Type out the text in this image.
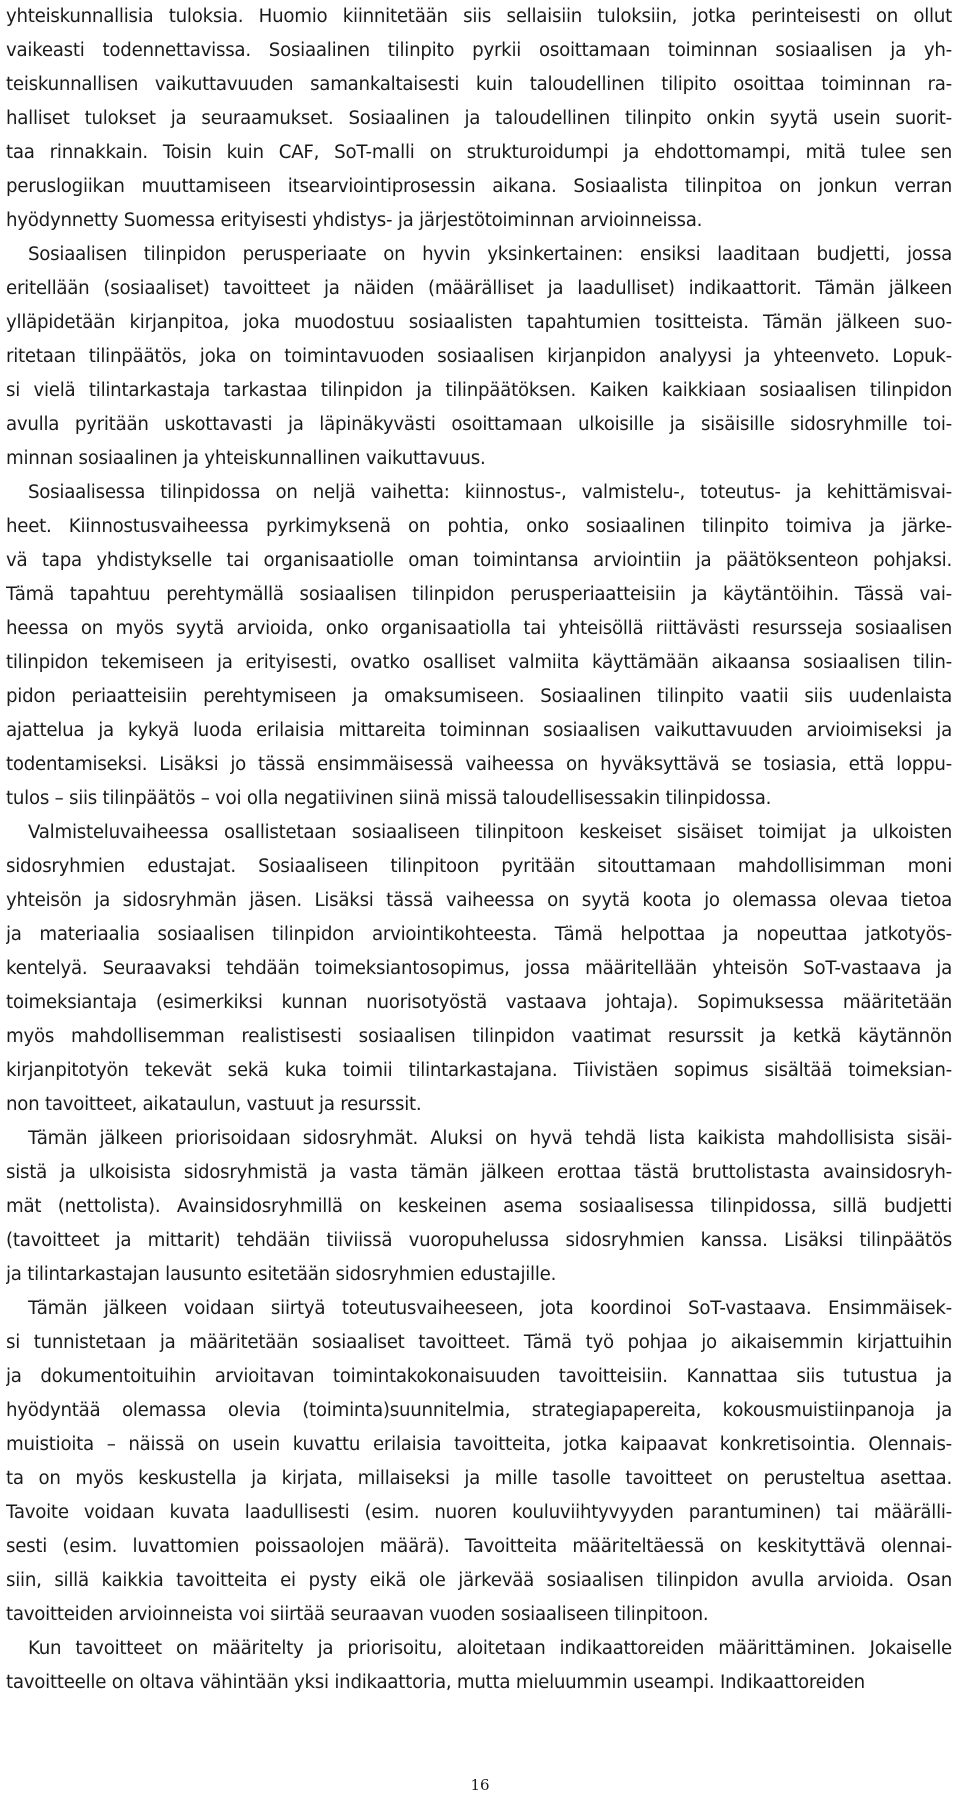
yhteiskunnallisia tuloksia. Huomio kiinnitetään siis sellaisiin tuloksiin, jotka perinteisesti on ollut
vaikeasti todennettavissa. Sosiaalinen tilinpito pyrkii osoittamaan toiminnan sosiaalisen ja yh-
teiskunnallisen vaikuttavuuden samankaltaisesti kuin taloudellinen tilipito osoittaa toiminnan ra-
halliset tulokset ja seuraamukset. Sosiaalinen ja taloudellinen tilinpito onkin syytä usein suorit-
taa rinnakkain. Toisin kuin CAF, SoT-malli on strukturoidumpi ja ehdottomampi, mitä tulee sen
peruslogiikan muuttamiseen itsearviointiprosessin aikana. Sosiaalista tilinpitoa on jonkun verran
hyödynnetty Suomessa erityisesti yhdistys- ja järjestötoiminnan arvioinneissa.
Sosiaalisen tilinpidon perusperiaate on hyvin yksinkertainen: ensiksi laaditaan budjetti, jossa
eritellään (sosiaaliset) tavoitteet ja näiden (määrälliset ja laadulliset) indikaattorit. Tämän jälkeen
ylläpidetään kirjanpitoa, joka muodostuu sosiaalisten tapahtumien tositteista. Tämän jälkeen suo-
ritetaan tilinpäätös, joka on toimintavuoden sosiaalisen kirjanpidon analyysi ja yhteenveto. Lopuk-
si vielä tilintarkastaja tarkastaa tilinpidon ja tilinpäätöksen. Kaiken kaikkiaan sosiaalisen tilinpidon
avulla pyritään uskottavasti ja läpinäkyvästi osoittamaan ulkoisille ja sisäisille sidosryhmille toi-
minnan sosiaalinen ja yhteiskunnallinen vaikuttavuus.
Sosiaalisessa tilinpidossa on neljä vaihetta: kiinnostus-, valmistelu-, toteutus- ja kehittämisvai-
heet. Kiinnostusvaiheessa pyrkimyksenä on pohtia, onko sosiaalinen tilinpito toimiva ja järke-
vä tapa yhdistykselle tai organisaatiolle oman toimintansa arviointiin ja päätöksenteon pohjaksi.
Tämä tapahtuu perehtymällä sosiaalisen tilinpidon perusperiaatteisiin ja käytäntöihin. Tässä vai-
heessa on myös syytä arvioida, onko organisaatiolla tai yhteisöllä riittävästi resursseja sosiaalisen
tilinpidon tekemiseen ja erityisesti, ovatko osalliset valmiita käyttämään aikaansa sosiaalisen tilin-
pidon periaatteisiin perehtymiseen ja omaksumiseen. Sosiaalinen tilinpito vaatii siis uudenlaista
ajattelua ja kykyä luoda erilaisia mittareita toiminnan sosiaalisen vaikuttavuuden arvioimiseksi ja
todentamiseksi. Lisäksi jo tässä ensimmäisessä vaiheessa on hyväksyttävä se tosiasia, että loppu-
tulos – siis tilinpäätös – voi olla negatiivinen siinä missä taloudellisessakin tilinpidossa.
Valmisteluvaiheessa osallistetaan sosiaaliseen tilinpitoon keskeiset sisäiset toimijat ja ulkoisten
sidosryhmien edustajat. Sosiaaliseen tilinpitoon pyritään sitouttamaan mahdollisimman moni
yhteisön ja sidosryhmän jäsen. Lisäksi tässä vaiheessa on syytä koota jo olemassa olevaa tietoa
ja materiaalia sosiaalisen tilinpidon arviointikohteesta. Tämä helpottaa ja nopeuttaa jatkotyös-
kentelyä. Seuraavaksi tehdään toimeksiantosopimus, jossa määritellään yhteisön SoT-vastaava ja
toimeksiantaja (esimerkiksi kunnan nuorisotyöstä vastaava johtaja). Sopimuksessa määritetään
myös mahdollisemman realistisesti sosiaalisen tilinpidon vaatimat resurssit ja ketkä käytännön
kirjanpitotyön tekevät sekä kuka toimii tilintarkastajana. Tiivistäen sopimus sisältää toimeksian-
non tavoitteet, aikataulun, vastuut ja resurssit.
Tämän jälkeen priorisoidaan sidosryhmät. Aluksi on hyvä tehdä lista kaikista mahdollisista sisäi-
sistä ja ulkoisista sidosryhmistä ja vasta tämän jälkeen erottaa tästä bruttolistasta avainsidosryh-
mät (nettolista). Avainsidosryhmillä on keskeinen asema sosiaalisessa tilinpidossa, sillä budjetti
(tavoitteet ja mittarit) tehdään tiiviissä vuoropuhelussa sidosryhmien kanssa. Lisäksi tilinpäätös
ja tilintarkastajan lausunto esitetään sidosryhmien edustajille.
Tämän jälkeen voidaan siirtyä toteutusvaiheeseen, jota koordinoi SoT-vastaava. Ensimmäisek-
si tunnistetaan ja määritetään sosiaaliset tavoitteet. Tämä työ pohjaa jo aikaisemmin kirjattuihin
ja dokumentoituihin arvioitavan toimintakokonaisuuden tavoitteisiin. Kannattaa siis tutustua ja
hyödyntää olemassa olevia (toiminta)suunnitelmia, strategiapapereita, kokousmuistiinpanoja ja
muistioita – näissä on usein kuvattu erilaisia tavoitteita, jotka kaipaavat konkretisointia. Olennais-
ta on myös keskustella ja kirjata, millaiseksi ja mille tasolle tavoitteet on perusteltua asettaa.
Tavoite voidaan kuvata laadullisesti (esim. nuoren kouluviihtyvyyden parantuminen) tai määrälli-
sesti (esim. luvattomien poissaolojen määrä). Tavoitteita määriteltäessä on keskityttävä olennai-
siin, sillä kaikkia tavoitteita ei pysty eikä ole järkevää sosiaalisen tilinpidon avulla arvioida. Osan
tavoitteiden arvioinneista voi siirtää seuraavan vuoden sosiaaliseen tilinpitoon.
Kun tavoitteet on määritelty ja priorisoitu, aloitetaan indikaattoreiden määrittäminen. Jokaiselle
tavoitteelle on oltava vähintään yksi indikaattoria, mutta mieluummin useampi. Indikaattoreiden
16
